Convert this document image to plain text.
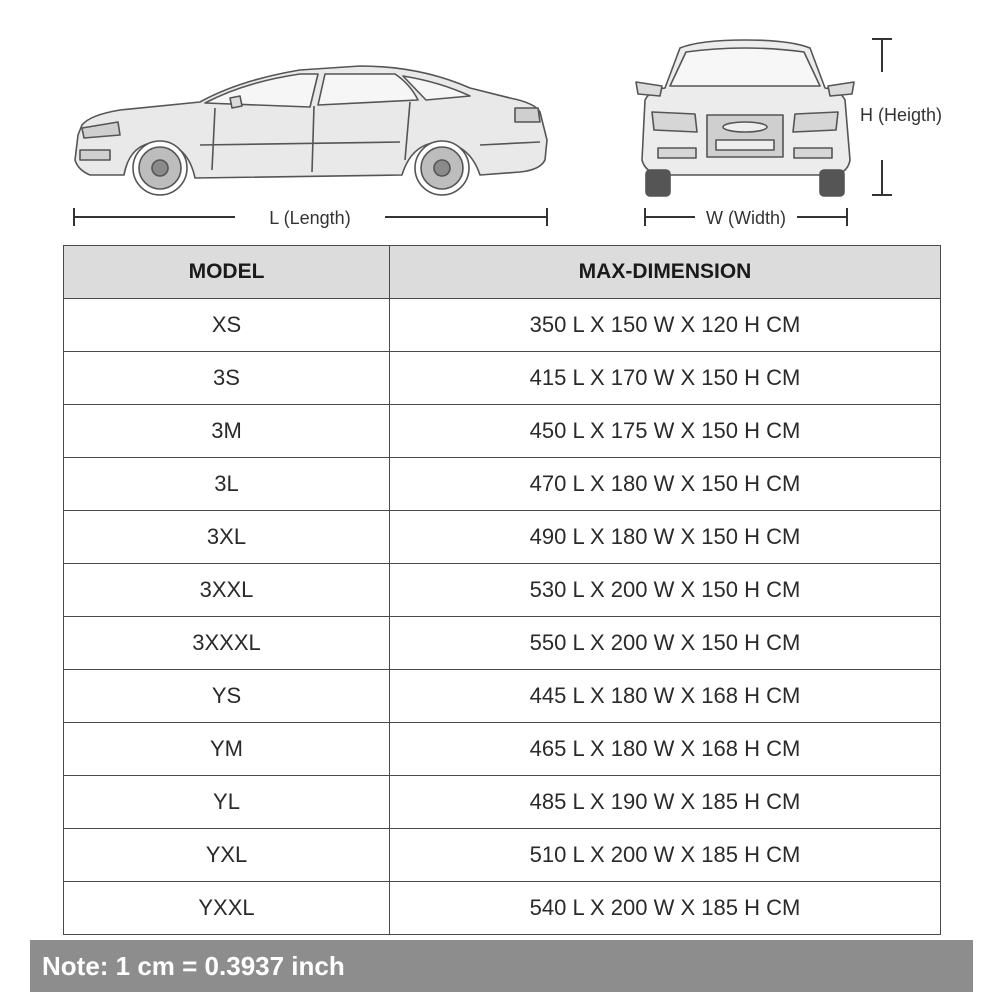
L (Length)	W (Width)
H (Heigth)
MODEL	MAX-DIMENSION
XS	350 L X 150 W X 120 H CM
3S	415 L X 170 W X 150 H CM
3M	450 L X 175 W X 150 H CM
3L	470 L X 180 W X 150 H CM
3XL	490 L X 180 W X 150 H CM
3XXL	530 L X 200 W X 150 H CM
3XXXL	550 L X 200 W X 150 H CM
YS	445 L X 180 W X 168 H CM
YM	465 L X 180 W X 168 H CM
YL	485 L X 190 W X 185 H CM
YXL	510 L X 200 W X 185 H CM
YXXL	540 L X 200 W X 185 H CM
Note: 1 cm = 0.3937 inch
